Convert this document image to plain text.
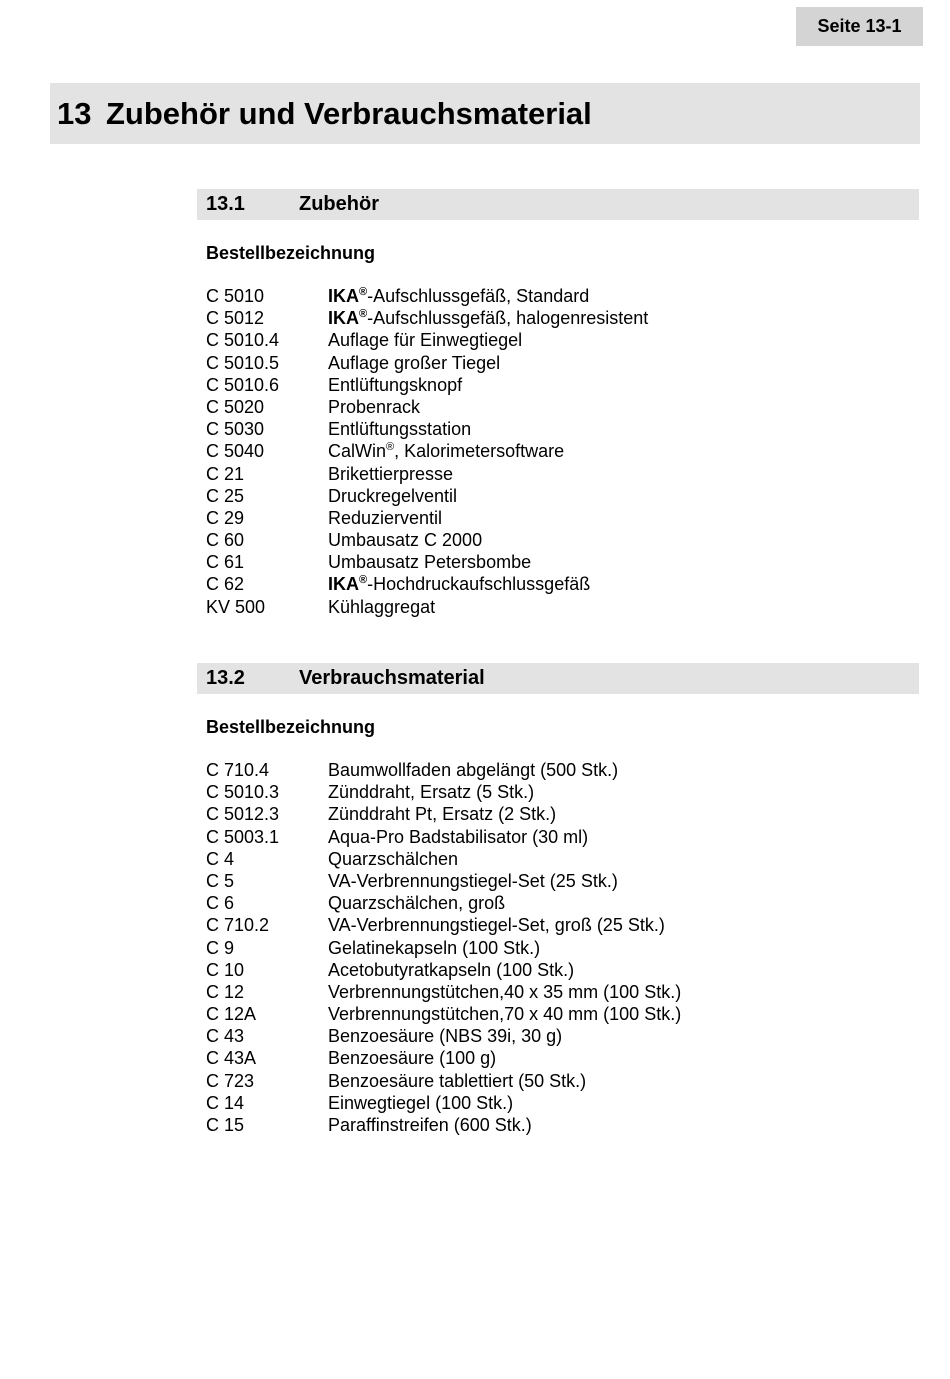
Seite 13-1
13 Zubehör und Verbrauchsmaterial
13.1	Zubehör
Bestellbezeichnung
C 5010	IKA®-Aufschlussgefäß, Standard
C 5012	IKA®-Aufschlussgefäß, halogenresistent
C 5010.4	Auflage für Einwegtiegel
C 5010.5	Auflage großer Tiegel
C 5010.6	Entlüftungsknopf
C 5020	Probenrack
C 5030	Entlüftungsstation
C 5040	CalWin®, Kalorimetersoftware
C 21	Brikettierpresse
C 25	Druckregelventil
C 29	Reduzierventil
C 60	Umbausatz C 2000
C 61	Umbausatz Petersbombe
C 62	IKA®-Hochdruckaufschlussgefäß
KV 500	Kühlaggregat
13.2	Verbrauchsmaterial
Bestellbezeichnung
C 710.4	Baumwollfaden abgelängt (500 Stk.)
C 5010.3	Zünddraht, Ersatz (5 Stk.)
C 5012.3	Zünddraht Pt, Ersatz (2 Stk.)
C 5003.1	Aqua-Pro Badstabilisator (30 ml)
C 4	Quarzschälchen
C 5	VA-Verbrennungstiegel-Set (25 Stk.)
C 6	Quarzschälchen, groß
C 710.2	VA-Verbrennungstiegel-Set, groß (25 Stk.)
C 9	Gelatinekapseln (100 Stk.)
C 10	Acetobutyratkapseln (100 Stk.)
C 12	Verbrennungstütchen,40 x 35 mm (100 Stk.)
C 12A	Verbrennungstütchen,70 x 40 mm (100 Stk.)
C 43	Benzoesäure (NBS 39i, 30 g)
C 43A	Benzoesäure (100 g)
C 723	Benzoesäure tablettiert (50 Stk.)
C 14	Einwegtiegel (100 Stk.)
C 15	Paraffinstreifen (600 Stk.)
